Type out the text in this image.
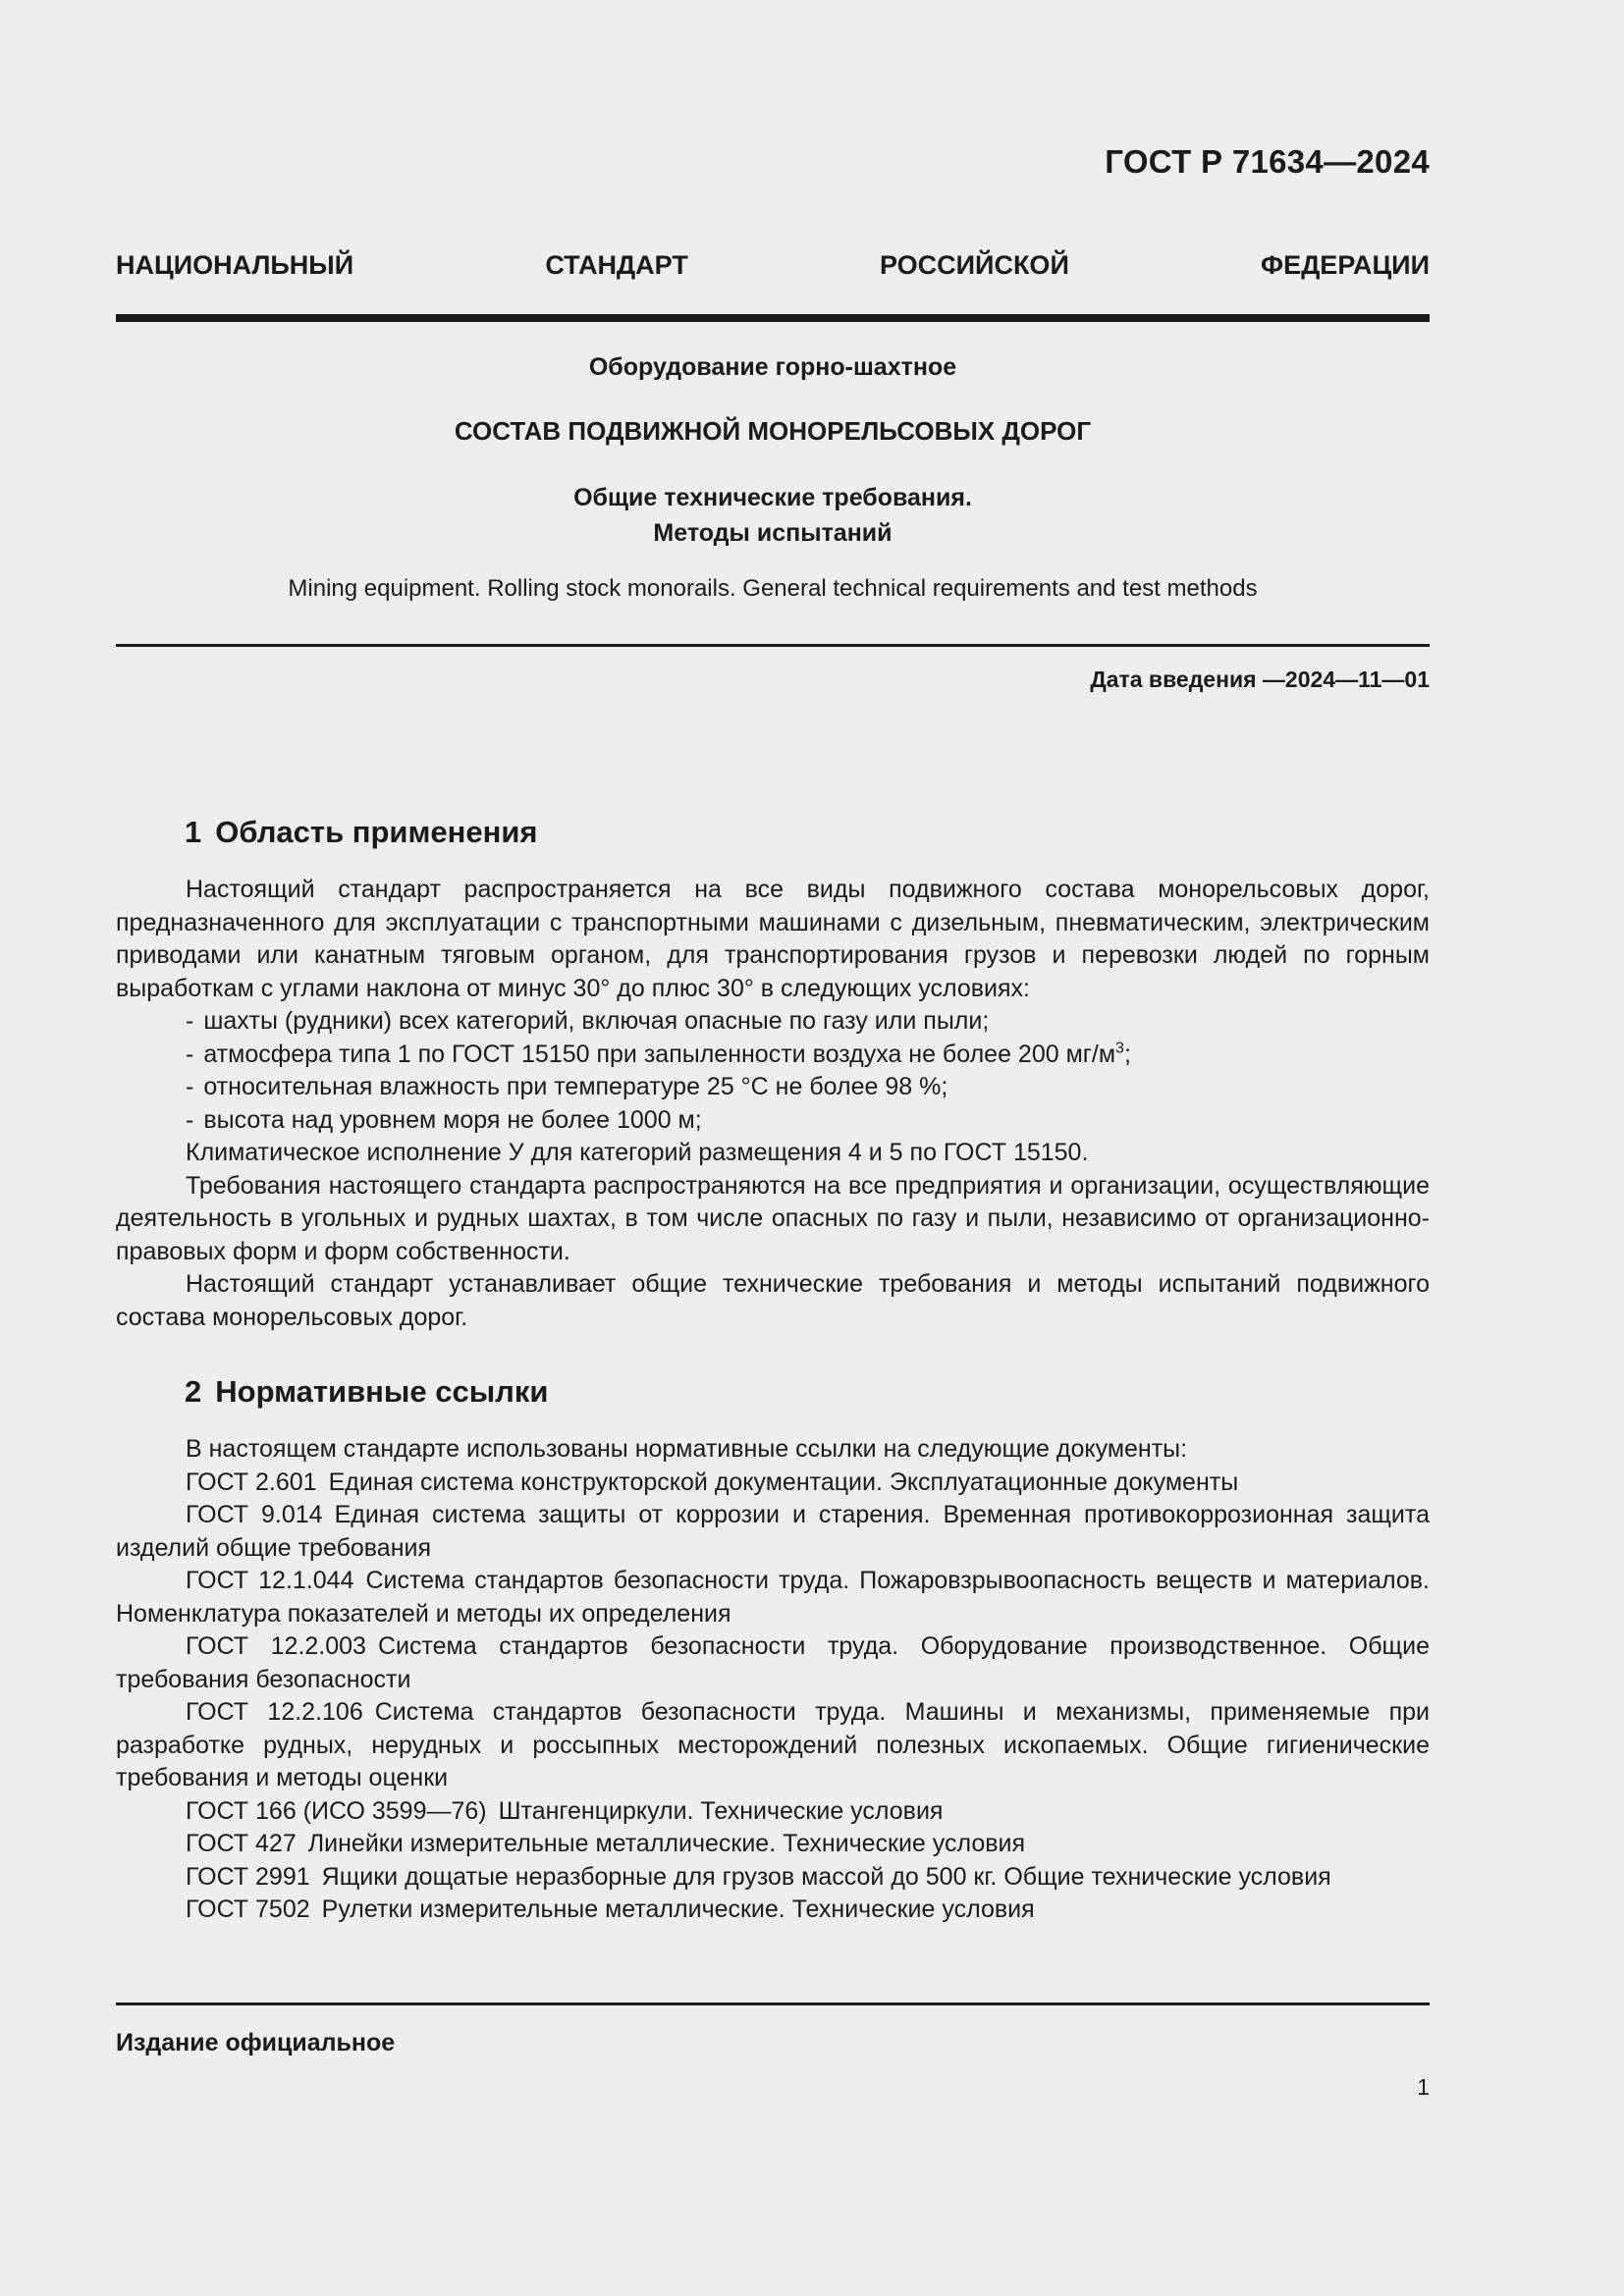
ГОСТ Р 71634—2024
НАЦИОНАЛЬНЫЙ СТАНДАРТ РОССИЙСКОЙ ФЕДЕРАЦИИ
Оборудование горно-шахтное
СОСТАВ ПОДВИЖНОЙ МОНОРЕЛЬСОВЫХ ДОРОГ
Общие технические требования.
Методы испытаний
Mining equipment. Rolling stock monorails. General technical requirements and test methods
Дата введения —2024—11—01
1 Область применения

Настоящий стандарт распространяется на все виды подвижного состава монорельсовых дорог, предназначенного для эксплуатации с транспортными машинами с дизельным, пневматическим, электрическим приводами или канатным тяговым органом, для транспортирования грузов и перевозки людей по горным выработкам с углами наклона от минус 30° до плюс 30° в следующих условиях:

- шахты (рудники) всех категорий, включая опасные по газу или пыли;

- атмосфера типа 1 по ГОСТ 15150 при запыленности воздуха не более 200 $мг/м^3$;

- относительная влажность при температуре 25 °С не более 98 %;

- высота над уровнем моря не более 1000 м;

Климатическое исполнение У для категорий размещения 4 и 5 по ГОСТ 15150.

Требования настоящего стандарта распространяются на все предприятия и организации, осуществляющие деятельность в угольных и рудных шахтах, в том числе опасных по газу и пыли, независимо от организационно-правовых форм и форм собственности.

Настоящий стандарт устанавливает общие технические требования и методы испытаний подвижного состава монорельсовых дорог.

2 Нормативные ссылки

В настоящем стандарте использованы нормативные ссылки на следующие документы:

ГОСТ 2.601 Единая система конструкторской документации. Эксплуатационные документы

ГОСТ 9.014 Единая система защиты от коррозии и старения. Временная противокоррозионная защита изделий общие требования

ГОСТ 12.1.044 Система стандартов безопасности труда. Пожаровзрывоопасность веществ и материалов. Номенклатура показателей и методы их определения

ГОСТ 12.2.003 Система стандартов безопасности труда. Оборудование производственное. Общие требования безопасности

ГОСТ 12.2.106 Система стандартов безопасности труда. Машины и механизмы, применяемые при разработке рудных, нерудных и россыпных месторождений полезных ископаемых. Общие гигиенические требования и методы оценки

ГОСТ 166 (ИСО 3599—76) Штангенциркули. Технические условия

ГОСТ 427 Линейки измерительные металлические. Технические условия

ГОСТ 2991 Ящики дощатые неразборные для грузов массой до 500 кг. Общие технические условия

ГОСТ 7502 Рулетки измерительные металлические. Технические условия

Издание официальное
1
